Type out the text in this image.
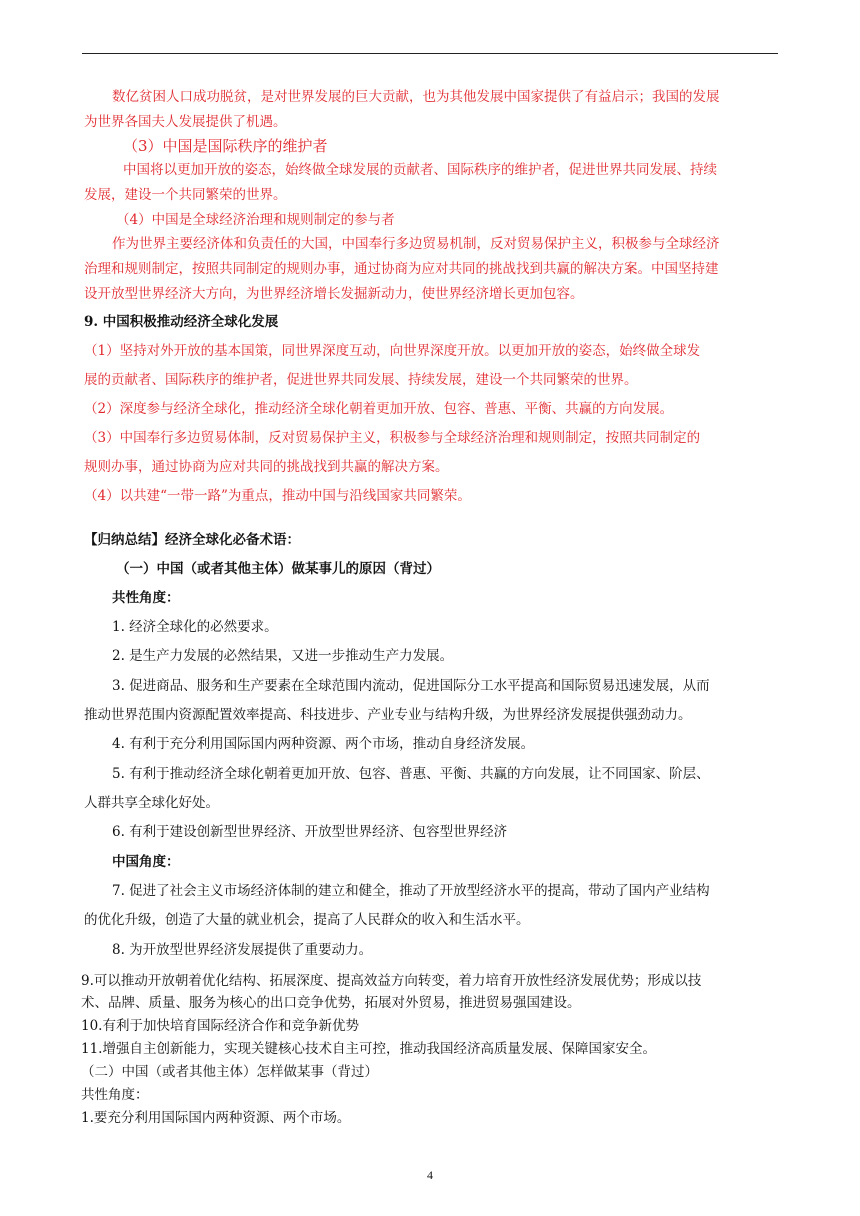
数亿贫困人口成功脱贫，是对世界发展的巨大贡献，也为其他发展中国家提供了有益启示；我国的发展
为世界各国夫人发展提供了机遇。
（3）中国是国际秩序的维护者
中国将以更加开放的姿态，始终做全球发展的贡献者、国际秩序的维护者，促进世界共同发展、持续
发展，建设一个共同繁荣的世界。
（4）中国是全球经济治理和规则制定的参与者
作为世界主要经济体和负责任的大国，中国奉行多边贸易机制，反对贸易保护主义，积极参与全球经济
治理和规则制定，按照共同制定的规则办事，通过协商为应对共同的挑战找到共赢的解决方案。中国坚持建
设开放型世界经济大方向，为世界经济增长发掘新动力，使世界经济增长更加包容。
9. 中国积极推动经济全球化发展
（1）坚持对外开放的基本国策，同世界深度互动，向世界深度开放。以更加开放的姿态，始终做全球发
展的贡献者、国际秩序的维护者，促进世界共同发展、持续发展，建设一个共同繁荣的世界。
（2）深度参与经济全球化，推动经济全球化朝着更加开放、包容、普惠、平衡、共赢的方向发展。
（3）中国奉行多边贸易体制，反对贸易保护主义，积极参与全球经济治理和规则制定，按照共同制定的
规则办事，通过协商为应对共同的挑战找到共赢的解决方案。
（4）以共建“一带一路”为重点，推动中国与沿线国家共同繁荣。
【归纳总结】经济全球化必备术语：
（一）中国（或者其他主体）做某事儿的原因（背过）
共性角度：
1. 经济全球化的必然要求。
2. 是生产力发展的必然结果，又进一步推动生产力发展。
3. 促进商品、服务和生产要素在全球范围内流动，促进国际分工水平提高和国际贸易迅速发展，从而
推动世界范围内资源配置效率提高、科技进步、产业专业与结构升级，为世界经济发展提供强劲动力。
4. 有利于充分利用国际国内两种资源、两个市场，推动自身经济发展。
5. 有利于推动经济全球化朝着更加开放、包容、普惠、平衡、共赢的方向发展，让不同国家、阶层、
人群共享全球化好处。
6. 有利于建设创新型世界经济、开放型世界经济、包容型世界经济
中国角度：
7. 促进了社会主义市场经济体制的建立和健全，推动了开放型经济水平的提高，带动了国内产业结构
的优化升级，创造了大量的就业机会，提高了人民群众的收入和生活水平。
8. 为开放型世界经济发展提供了重要动力。
9.可以推动开放朝着优化结构、拓展深度、提高效益方向转变，着力培育开放性经济发展优势；形成以技
术、品牌、质量、服务为核心的出口竞争优势，拓展对外贸易，推进贸易强国建设。
10.有利于加快培育国际经济合作和竞争新优势
11.增强自主创新能力，实现关键核心技术自主可控，推动我国经济高质量发展、保障国家安全。
（二）中国（或者其他主体）怎样做某事（背过）
共性角度：
1.要充分利用国际国内两种资源、两个市场。
4
